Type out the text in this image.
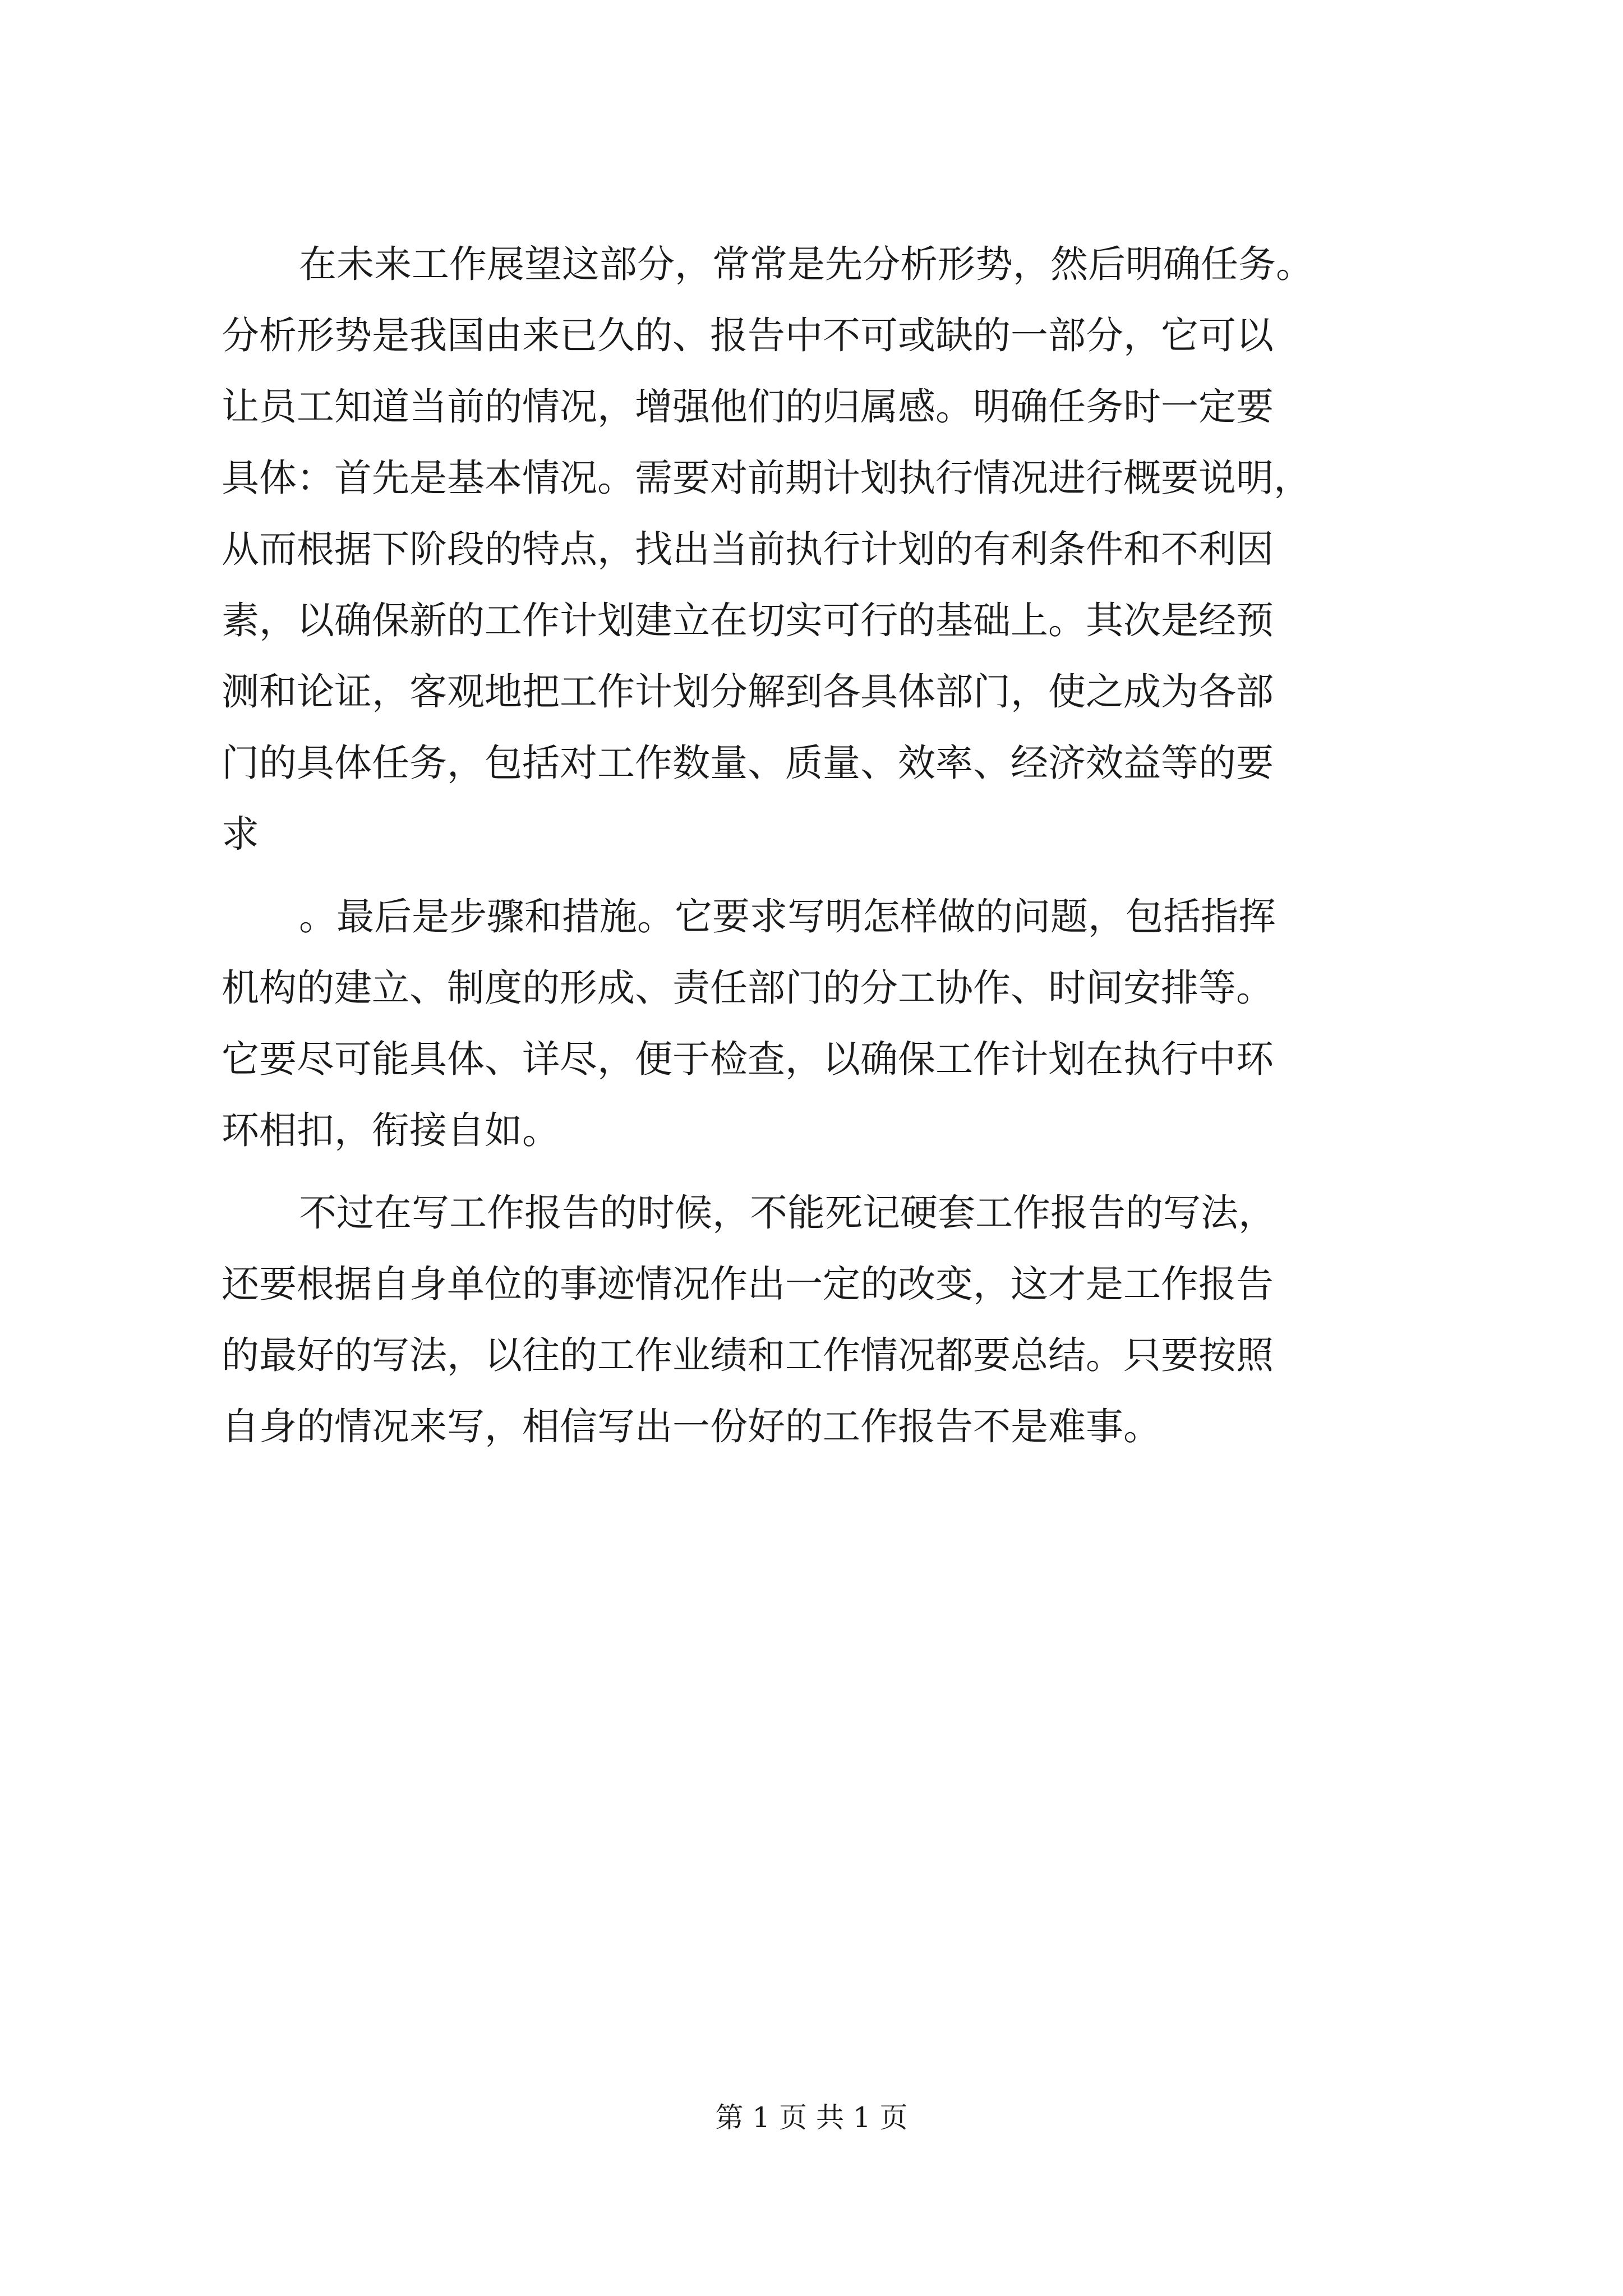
在未来工作展望这部分，常常是先分析形势，然后明确任务。
分析形势是我国由来已久的、报告中不可或缺的一部分，它可以
让员工知道当前的情况，增强他们的归属感。明确任务时一定要
具体：首先是基本情况。需要对前期计划执行情况进行概要说明，
从而根据下阶段的特点，找出当前执行计划的有利条件和不利因
素，以确保新的工作计划建立在切实可行的基础上。其次是经预
测和论证，客观地把工作计划分解到各具体部门，使之成为各部
门的具体任务，包括对工作数量、质量、效率、经济效益等的要
求
。最后是步骤和措施。它要求写明怎样做的问题，包括指挥
机构的建立、制度的形成、责任部门的分工协作、时间安排等。
它要尽可能具体、详尽，便于检查，以确保工作计划在执行中环
环相扣，衔接自如。
不过在写工作报告的时候，不能死记硬套工作报告的写法，
还要根据自身单位的事迹情况作出一定的改变，这才是工作报告
的最好的写法，以往的工作业绩和工作情况都要总结。只要按照
自身的情况来写，相信写出一份好的工作报告不是难事。
第 1 页 共 1 页
